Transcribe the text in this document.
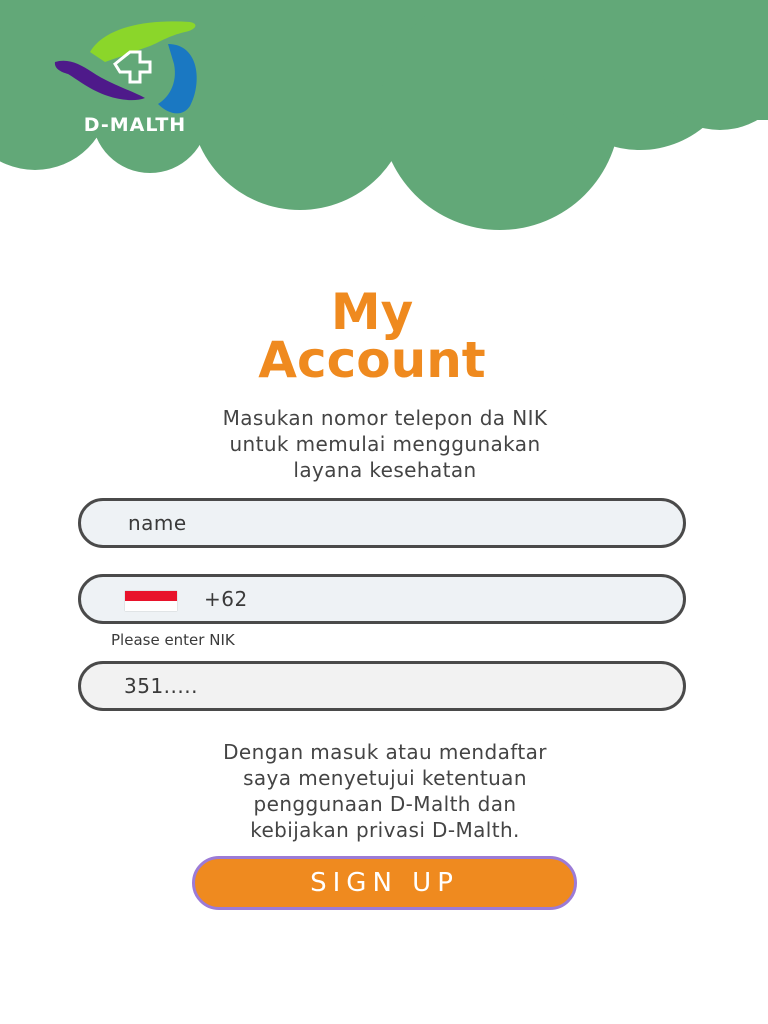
D-MALTH
My
Account
Masukan nomor telepon da NIK
untuk memulai menggunakan
layana kesehatan
name
+62
Please enter NIK
351.....
Dengan masuk atau mendaftar
saya menyetujui ketentuan
penggunaan D-Malth dan
kebijakan privasi D-Malth.
SIGN UP
